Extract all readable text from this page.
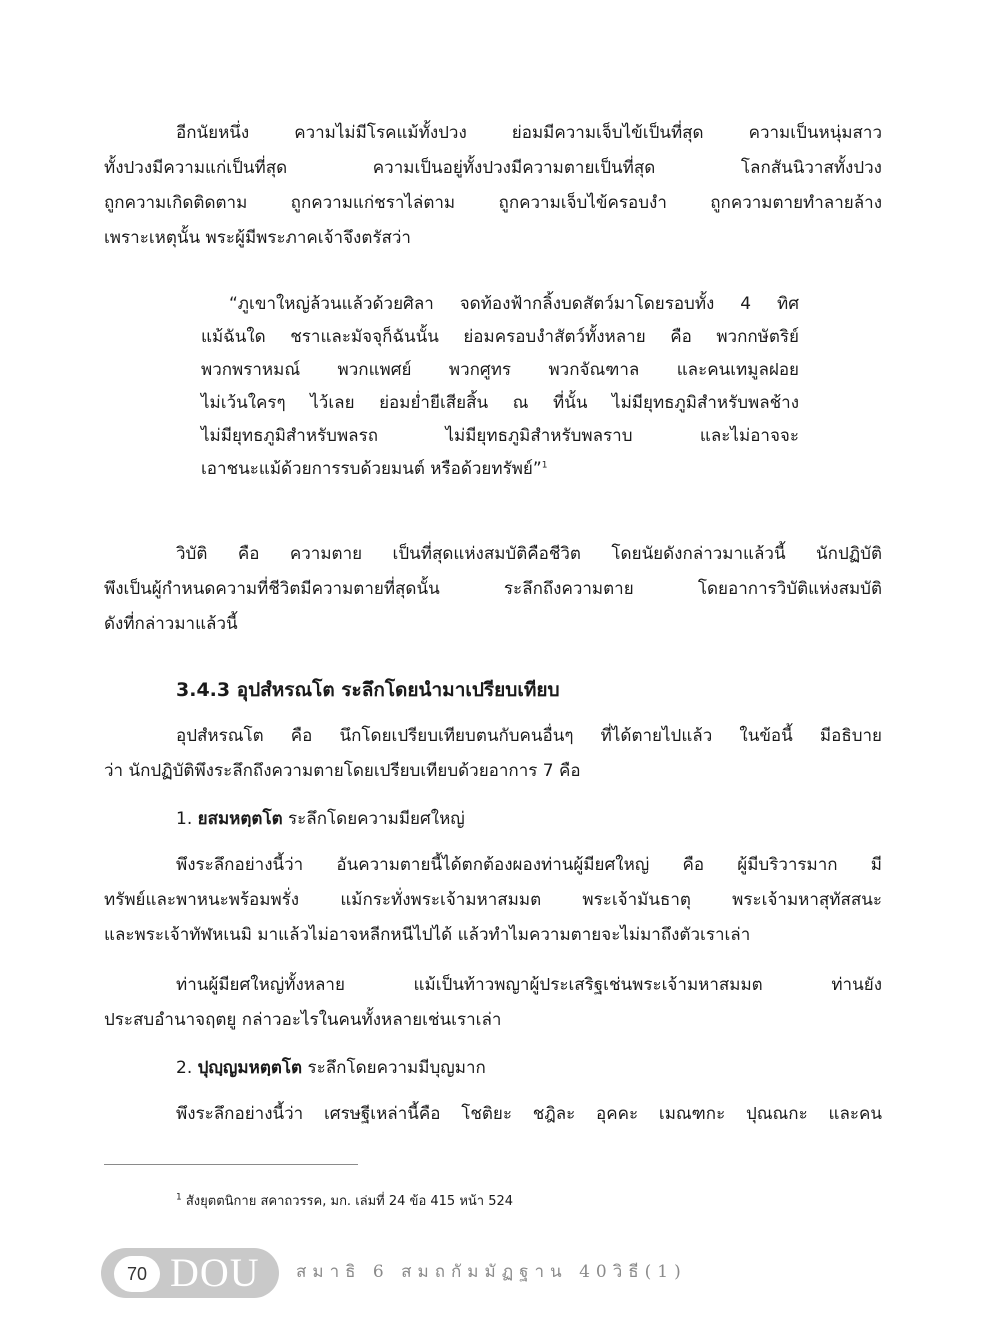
อีกนัยหนึ่ง ความไม่มีโรคแม้ทั้งปวง ย่อมมีความเจ็บไข้เป็นที่สุด ความเป็นหนุ่มสาว
ทั้งปวงมีความแก่เป็นที่สุด ความเป็นอยู่ทั้งปวงมีความตายเป็นที่สุด โลกสันนิวาสทั้งปวง
ถูกความเกิดติดตาม ถูกความแก่ชราไล่ตาม ถูกความเจ็บไข้ครอบงำ ถูกความตายทำลายล้าง
เพราะเหตุนั้น พระผู้มีพระภาคเจ้าจึงตรัสว่า

“ภูเขาใหญ่ล้วนแล้วด้วยศิลา จดท้องฟ้ากลิ้งบดสัตว์มาโดยรอบทั้ง 4 ทิศ
แม้ฉันใด ชราและมัจจุก็ฉันนั้น ย่อมครอบงำสัตว์ทั้งหลาย คือ พวกกษัตริย์
พวกพราหมณ์ พวกแพศย์ พวกศูทร พวกจัณฑาล และคนเทมูลฝอย
ไม่เว้นใครๆ ไว้เลย ย่อมย่ำยีเสียสิ้น ณ ที่นั้น ไม่มียุทธภูมิสำหรับพลช้าง
ไม่มียุทธภูมิสำหรับพลรถ ไม่มียุทธภูมิสำหรับพลราบ และไม่อาจจะ
เอาชนะแม้ด้วยการรบด้วยมนต์ หรือด้วยทรัพย์”$^1$

วิบัติ คือ ความตาย เป็นที่สุดแห่งสมบัติคือชีวิต โดยนัยดังกล่าวมาแล้วนี้ นักปฏิบัติ
พึงเป็นผู้กำหนดความที่ชีวิตมีความตายที่สุดนั้น ระลึกถึงความตาย โดยอาการวิบัติแห่งสมบัติ
ดังที่กล่าวมาแล้วนี้

3.4.3 อุปสํหรณโต ระลึกโดยนำมาเปรียบเทียบ

อุปสํหรณโต คือ นึกโดยเปรียบเทียบตนกับคนอื่นๆ ที่ได้ตายไปแล้ว ในข้อนี้ มีอธิบาย
ว่า นักปฏิบัติพึงระลึกถึงความตายโดยเปรียบเทียบด้วยอาการ 7 คือ

1. ยสมหตฺตโต ระลึกโดยความมียศใหญ่

พึงระลึกอย่างนี้ว่า อันความตายนี้ได้ตกต้องผองท่านผู้มียศใหญ่ คือ ผู้มีบริวารมาก มี
ทรัพย์และพาหนะพร้อมพรั่ง แม้กระทั่งพระเจ้ามหาสมมต พระเจ้ามันธาตุ พระเจ้ามหาสุทัสสนะ
และพระเจ้าทัฬหเนมิ มาแล้วไม่อาจหลีกหนีไปได้ แล้วทำไมความตายจะไม่มาถึงตัวเราเล่า

ท่านผู้มียศใหญ่ทั้งหลาย แม้เป็นท้าวพญาผู้ประเสริฐเช่นพระเจ้ามหาสมมต ท่านยัง
ประสบอำนาจฤตยู กล่าวอะไรในคนทั้งหลายเช่นเราเล่า

2. ปุญฺญมหตฺตโต ระลึกโดยความมีบุญมาก

พึงระลึกอย่างนี้ว่า เศรษฐีเหล่านี้คือ โชติยะ ชฎิละ อุคคะ เมณฑกะ ปุณณกะ และคน

$^1$ สังยุตตนิกาย สคาถวรรค, มก. เล่มที่ 24 ข้อ 415 หน้า 524

70 DOU สมาธิ 6 สมถกัมมัฏฐาน 40วิธี(1)
